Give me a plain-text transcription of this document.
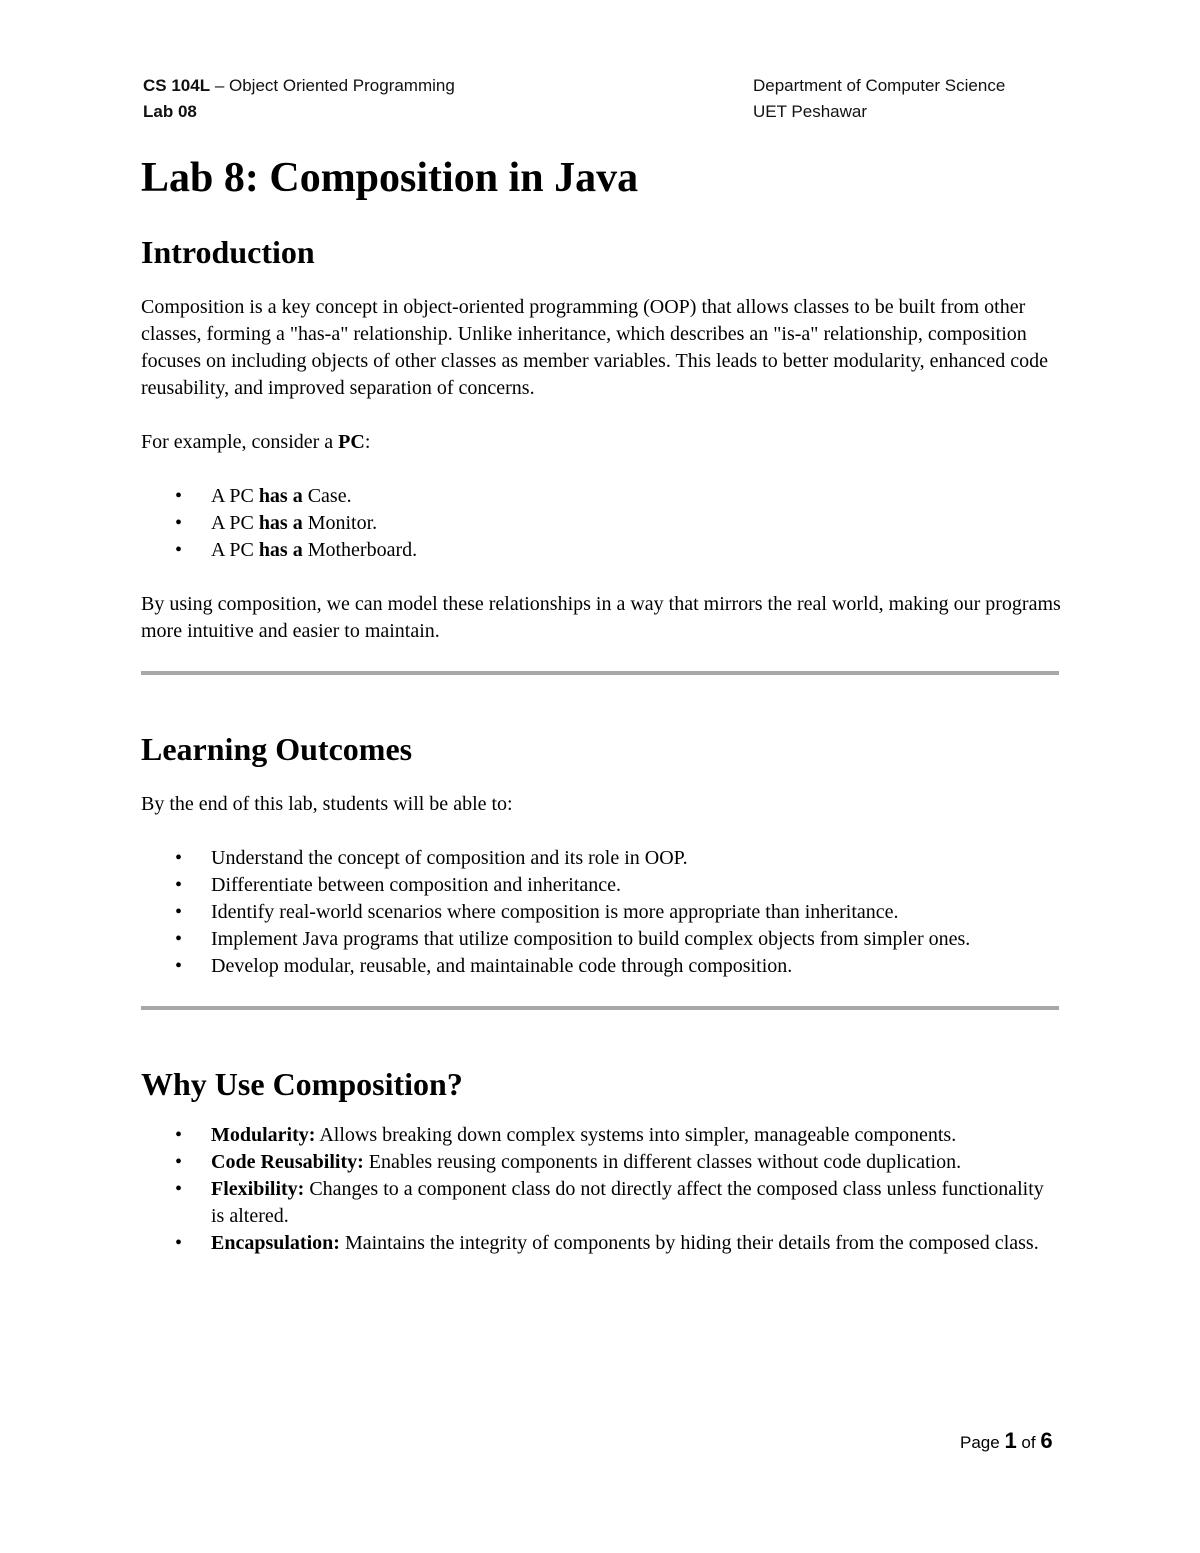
CS 104L – Object Oriented Programming
Lab 08
Department of Computer Science
UET Peshawar
Lab 8: Composition in Java
Introduction

Composition is a key concept in object-oriented programming (OOP) that allows classes to be built from other classes, forming a "has-a" relationship. Unlike inheritance, which describes an "is-a" relationship, composition focuses on including objects of other classes as member variables. This leads to better modularity, enhanced code reusability, and improved separation of concerns.

For example, consider a PC:

• A PC has a Case.
• A PC has a Monitor.
• A PC has a Motherboard.

By using composition, we can model these relationships in a way that mirrors the real world, making our programs more intuitive and easier to maintain.

Learning Outcomes

By the end of this lab, students will be able to:

• Understand the concept of composition and its role in OOP.
• Differentiate between composition and inheritance.
• Identify real-world scenarios where composition is more appropriate than inheritance.
• Implement Java programs that utilize composition to build complex objects from simpler ones.
• Develop modular, reusable, and maintainable code through composition.
Why Use Composition?
• Modularity: Allows breaking down complex systems into simpler, manageable components.
• Code Reusability: Enables reusing components in different classes without code duplication.
• Flexibility: Changes to a component class do not directly affect the composed class unless functionality is altered.
• Encapsulation: Maintains the integrity of components by hiding their details from the composed class.
Page 1 of 6
